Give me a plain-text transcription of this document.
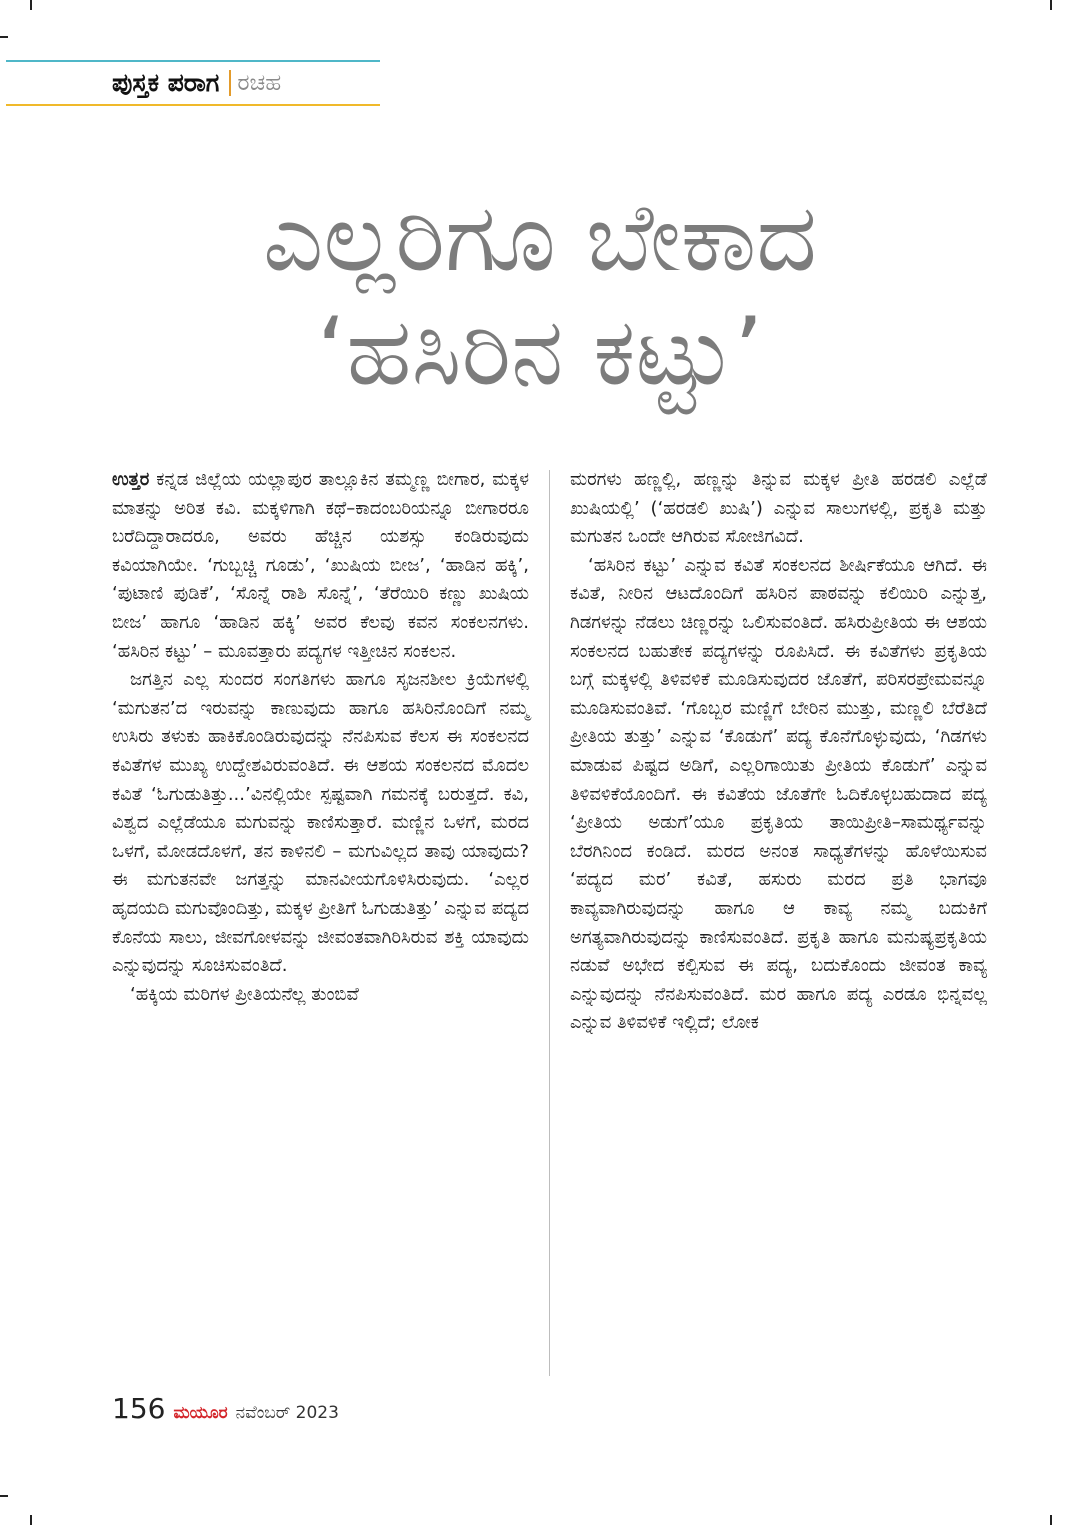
ಪುಸ್ತಕ ಪರಾಗ ರಚಹ
ಎಲ್ಲರಿಗೂ ಬೇಕಾದ
‘ಹಸಿರಿನ ಕಟ್ಟು’

ಉತ್ತರ ಕನ್ನಡ ಜಿಲ್ಲೆಯ ಯಲ್ಲಾಪುರ ತಾಲ್ಲೂಕಿನ ತಮ್ಮಣ್ಣ ಬೀಗಾರ, ಮಕ್ಕಳ ಮಾತನ್ನು ಅರಿತ ಕವಿ. ಮಕ್ಕಳಿಗಾಗಿ ಕಥೆ–ಕಾದಂಬರಿಯನ್ನೂ ಬೀಗಾರರೂ ಬರೆದಿದ್ದಾರಾದರೂ, ಅವರು ಹೆಚ್ಚಿನ ಯಶಸ್ಸು ಕಂಡಿರುವುದು ಕವಿಯಾಗಿಯೇ. ‘ಗುಬ್ಬಚ್ಚಿ ಗೂಡು’, ‘ಖುಷಿಯ ಬೀಜ’, ‘ಹಾಡಿನ ಹಕ್ಕಿ’, ‘ಪುಟಾಣಿ ಪುಡಿಕೆ’, ‘ಸೊನ್ನೆ ರಾಶಿ ಸೊನ್ನೆ’, ‘ತೆರೆಯಿರಿ ಕಣ್ಣು ಖುಷಿಯ ಬೀಜ’ ಹಾಗೂ ‘ಹಾಡಿನ ಹಕ್ಕಿ’ ಅವರ ಕೆಲವು ಕವನ ಸಂಕಲನಗಳು. ‘ಹಸಿರಿನ ಕಟ್ಟು’ – ಮೂವತ್ತಾರು ಪದ್ಯಗಳ ಇತ್ತೀಚಿನ ಸಂಕಲನ.

ಜಗತ್ತಿನ ಎಲ್ಲ ಸುಂದರ ಸಂಗತಿಗಳು ಹಾಗೂ ಸೃಜನಶೀಲ ಕ್ರಿಯೆಗಳಲ್ಲಿ ‘ಮಗುತನ’ದ ಇರುವನ್ನು ಕಾಣುವುದು ಹಾಗೂ ಹಸಿರಿನೊಂದಿಗೆ ನಮ್ಮ ಉಸಿರು ತಳುಕು ಹಾಕಿಕೊಂಡಿರುವುದನ್ನು ನೆನಪಿಸುವ ಕೆಲಸ ಈ ಸಂಕಲನದ ಕವಿತೆಗಳ ಮುಖ್ಯ ಉದ್ದೇಶವಿರುವಂತಿದೆ. ಈ ಆಶಯ ಸಂಕಲನದ ಮೊದಲ ಕವಿತೆ ‘ಓಗುಡುತಿತ್ತು...’ವಿನಲ್ಲಿಯೇ ಸ್ಪಷ್ಟವಾಗಿ ಗಮನಕ್ಕೆ ಬರುತ್ತದೆ. ಕವಿ, ವಿಶ್ವದ ಎಲ್ಲೆಡೆಯೂ ಮಗುವನ್ನು ಕಾಣಿಸುತ್ತಾರೆ. ಮಣ್ಣಿನ ಒಳಗೆ, ಮರದ ಒಳಗೆ, ಮೋಡದೊಳಗೆ, ತನ ಕಾಳಿನಲಿ – ಮಗುವಿಲ್ಲದ ತಾವು ಯಾವುದು? ಈ ಮಗುತನವೇ ಜಗತ್ತನ್ನು ಮಾನವೀಯಗೊಳಿಸಿರುವುದು. ‘ಎಲ್ಲರ ಹೃದಯದಿ ಮಗುವೊಂದಿತ್ತು, ಮಕ್ಕಳ ಪ್ರೀತಿಗೆ ಓಗುಡುತಿತ್ತು’ ಎನ್ನುವ ಪದ್ಯದ ಕೊನೆಯ ಸಾಲು, ಜೀವಗೋಳವನ್ನು ಜೀವಂತವಾಗಿರಿಸಿರುವ ಶಕ್ತಿ ಯಾವುದು ಎನ್ನುವುದನ್ನು ಸೂಚಿಸುವಂತಿದೆ.

‘ಹಕ್ಕಿಯ ಮರಿಗಳ ಪ್ರೀತಿಯನೆಲ್ಲ ತುಂಬಿವೆ

ಮರಗಳು ಹಣ್ಣಲ್ಲಿ, ಹಣ್ಣನ್ನು ತಿನ್ನುವ ಮಕ್ಕಳ ಪ್ರೀತಿ ಹರಡಲಿ ಎಲ್ಲೆಡೆ ಖುಷಿಯಲ್ಲಿ’ (‘ಹರಡಲಿ ಖುಷಿ’) ಎನ್ನುವ ಸಾಲುಗಳಲ್ಲಿ, ಪ್ರಕೃತಿ ಮತ್ತು ಮಗುತನ ಒಂದೇ ಆಗಿರುವ ಸೋಜಿಗವಿದೆ.

‘ಹಸಿರಿನ ಕಟ್ಟು’ ಎನ್ನುವ ಕವಿತೆ ಸಂಕಲನದ ಶೀರ್ಷಿಕೆಯೂ ಆಗಿದೆ. ಈ ಕವಿತೆ, ನೀರಿನ ಆಟದೊಂದಿಗೆ ಹಸಿರಿನ ಪಾಠವನ್ನು ಕಲಿಯಿರಿ ಎನ್ನುತ್ತ, ಗಿಡಗಳನ್ನು ನೆಡಲು ಚಿಣ್ಣರನ್ನು ಒಲಿಸುವಂತಿದೆ. ಹಸಿರುಪ್ರೀತಿಯ ಈ ಆಶಯ ಸಂಕಲನದ ಬಹುತೇಕ ಪದ್ಯಗಳನ್ನು ರೂಪಿಸಿದೆ. ಈ ಕವಿತೆಗಳು ಪ್ರಕೃತಿಯ ಬಗ್ಗೆ ಮಕ್ಕಳಲ್ಲಿ ತಿಳಿವಳಿಕೆ ಮೂಡಿಸುವುದರ ಜೊತೆಗೆ, ಪರಿಸರಪ್ರೇಮವನ್ನೂ ಮೂಡಿಸುವಂತಿವೆ. ‘ಗೊಬ್ಬರ ಮಣ್ಣಿಗೆ ಬೇರಿನ ಮುತ್ತು, ಮಣ್ಣಲಿ ಬೆರೆತಿದೆ ಪ್ರೀತಿಯ ತುತ್ತು’ ಎನ್ನುವ ‘ಕೊಡುಗೆ’ ಪದ್ಯ ಕೊನೆಗೊಳ್ಳುವುದು, ‘ಗಿಡಗಳು ಮಾಡುವ ಪಿಷ್ಟದ ಅಡಿಗೆ, ಎಲ್ಲರಿಗಾಯಿತು ಪ್ರೀತಿಯ ಕೊಡುಗೆ’ ಎನ್ನುವ ತಿಳಿವಳಿಕೆಯೊಂದಿಗೆ. ಈ ಕವಿತೆಯ ಜೊತೆಗೇ ಓದಿಕೊಳ್ಳಬಹುದಾದ ಪದ್ಯ ‘ಪ್ರೀತಿಯ ಅಡುಗೆ’ಯೂ ಪ್ರಕೃತಿಯ ತಾಯಿಪ್ರೀತಿ–ಸಾಮರ್ಥ್ಯವನ್ನು ಬೆರಗಿನಿಂದ ಕಂಡಿದೆ. ಮರದ ಅನಂತ ಸಾಧ್ಯತೆಗಳನ್ನು ಹೊಳೆಯಿಸುವ ‘ಪದ್ಯದ ಮರ’ ಕವಿತೆ, ಹಸುರು ಮರದ ಪ್ರತಿ ಭಾಗವೂ ಕಾವ್ಯವಾಗಿರುವುದನ್ನು ಹಾಗೂ ಆ ಕಾವ್ಯ ನಮ್ಮ ಬದುಕಿಗೆ ಅಗತ್ಯವಾಗಿರುವುದನ್ನು ಕಾಣಿಸುವಂತಿದೆ. ಪ್ರಕೃತಿ ಹಾಗೂ ಮನುಷ್ಯಪ್ರಕೃತಿಯ ನಡುವೆ ಅಭೇದ ಕಲ್ಪಿಸುವ ಈ ಪದ್ಯ, ಬದುಕೊಂದು ಜೀವಂತ ಕಾವ್ಯ ಎನ್ನುವುದನ್ನು ನೆನಪಿಸುವಂತಿದೆ. ಮರ ಹಾಗೂ ಪದ್ಯ ಎರಡೂ ಭಿನ್ನವಲ್ಲ ಎನ್ನುವ ತಿಳಿವಳಿಕೆ ಇಲ್ಲಿದೆ; ಲೋಕ

156 ಮಯೂರ ನವೆಂಬರ್ 2023
